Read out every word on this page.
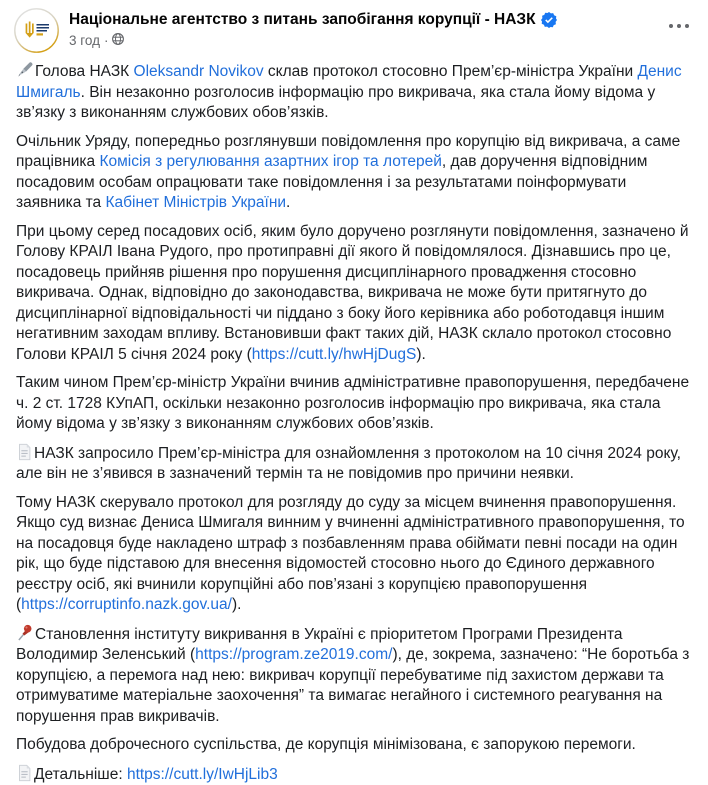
Національне агентство з питань запобігання корупції - НАЗК
3 год ·

Голова НАЗК Oleksandr Novikov склав протокол стосовно Прем’єр-міністра України Денис Шмигаль. Він незаконно розголосив інформацію про викривача, яка стала йому відома у зв’язку з виконанням службових обов’язків.

Очільник Уряду, попередньо розглянувши повідомлення про корупцію від викривача, а саме працівника Комісія з регулювання азартних ігор та лотерей, дав доручення відповідним посадовим особам опрацювати таке повідомлення і за результатами поінформувати заявника та Кабінет Міністрів України.

При цьому серед посадових осіб, яким було доручено розглянути повідомлення, зазначено й Голову КРАІЛ Івана Рудого, про протиправні дії якого й повідомлялося. Дізнавшись про це, посадовець прийняв рішення про порушення дисциплінарного провадження стосовно викривача. Однак, відповідно до законодавства, викривача не може бути притягнуто до дисциплінарної відповідальності чи піддано з боку його керівника або роботодавця іншим негативним заходам впливу. Встановивши факт таких дій, НАЗК склало протокол стосовно Голови КРАІЛ 5 січня 2024 року (https://cutt.ly/hwHjDugS).

Таким чином Прем’єр-міністр України вчинив адміністративне правопорушення, передбачене ч. 2 ст. 1728 КУпАП, оскільки незаконно розголосив інформацію про викривача, яка стала йому відома у зв’язку з виконанням службових обов’язків.

НАЗК запросило Прем’єр-міністра для ознайомлення з протоколом на 10 січня 2024 року, але він не з’явився в зазначений термін та не повідомив про причини неявки.

Тому НАЗК скерувало протокол для розгляду до суду за місцем вчинення правопорушення. Якщо суд визнає Дениса Шмигаля винним у вчиненні адміністративного правопорушення, то на посадовця буде накладено штраф з позбавленням права обіймати певні посади на один рік, що буде підставою для внесення відомостей стосовно нього до Єдиного державного реєстру осіб, які вчинили корупційні або пов’язані з корупцією правопорушення (https://corruptinfo.nazk.gov.ua/).

Становлення інституту викривання в Україні є пріоритетом Програми Президента Володимир Зеленський (https://program.ze2019.com/), де, зокрема, зазначено: “Не боротьба з корупцією, а перемога над нею: викривач корупції перебуватиме під захистом держави та отримуватиме матеріальне заохочення” та вимагає негайного і системного реагування на порушення прав викривачів.

Побудова доброчесного суспільства, де корупція мінімізована, є запорукою перемоги.

Детальніше: https://cutt.ly/IwHjLib3
